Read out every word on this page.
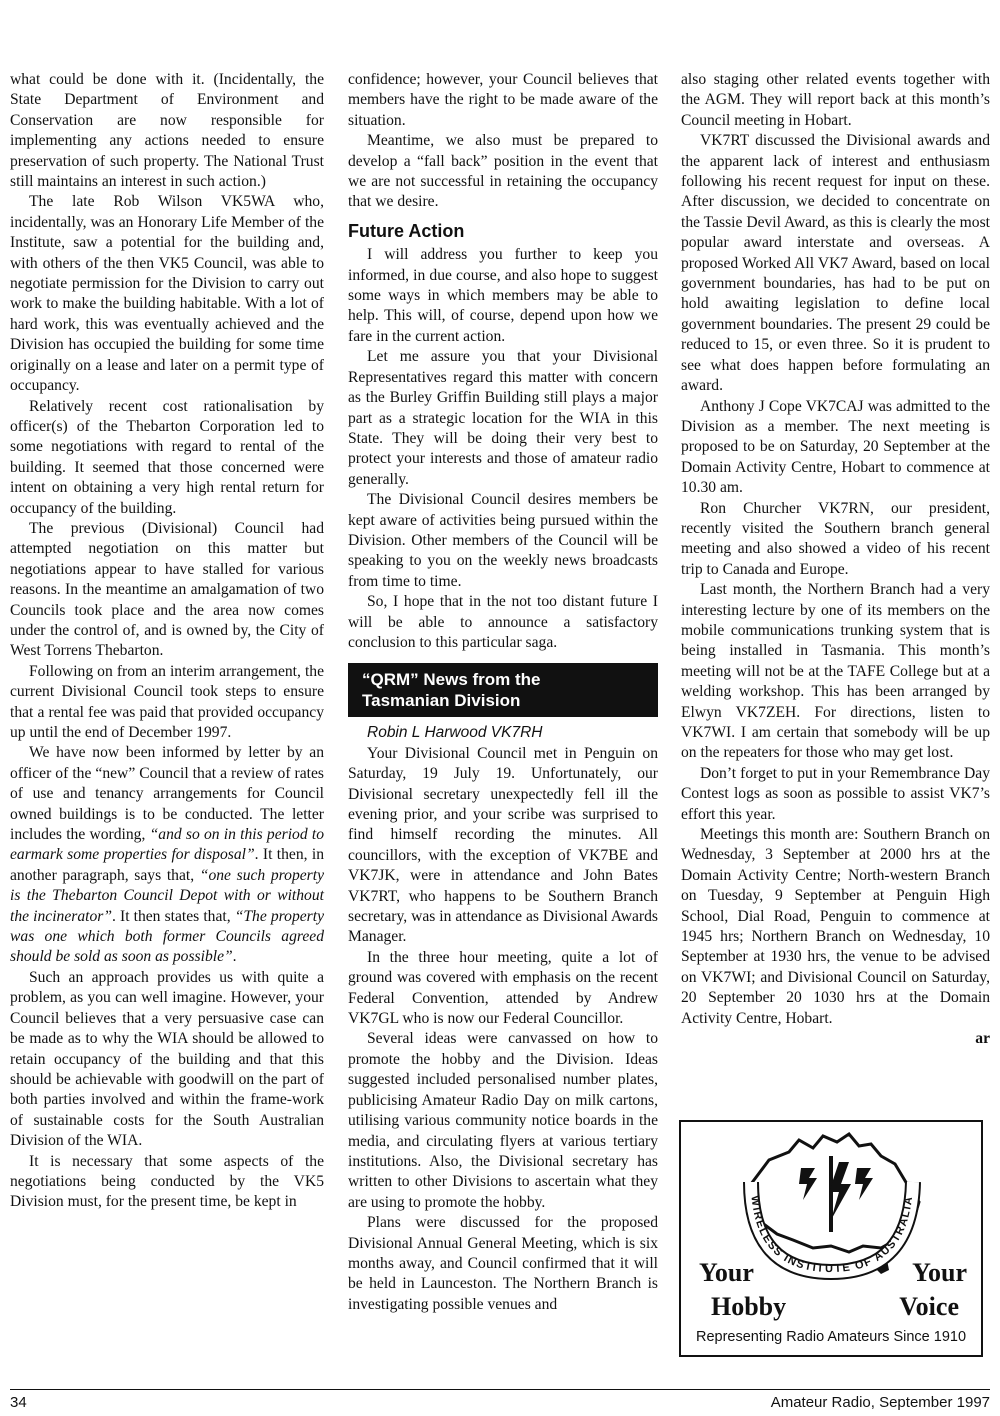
what could be done with it. (Incidentally, the State Department of Environment and Conservation are now responsible for implementing any actions needed to ensure preservation of such property. The National Trust still maintains an interest in such action.)

The late Rob Wilson VK5WA who, incidentally, was an Honorary Life Member of the Institute, saw a potential for the building and, with others of the then VK5 Council, was able to negotiate permission for the Division to carry out work to make the building habitable. With a lot of hard work, this was eventually achieved and the Division has occupied the building for some time originally on a lease and later on a permit type of occupancy.

Relatively recent cost rationalisation by officer(s) of the Thebarton Corporation led to some negotiations with regard to rental of the building. It seemed that those concerned were intent on obtaining a very high rental return for occupancy of the building.

The previous (Divisional) Council had attempted negotiation on this matter but negotiations appear to have stalled for various reasons. In the meantime an amalgamation of two Councils took place and the area now comes under the control of, and is owned by, the City of West Torrens Thebarton.

Following on from an interim arrangement, the current Divisional Council took steps to ensure that a rental fee was paid that provided occupancy up until the end of December 1997.

We have now been informed by letter by an officer of the “new” Council that a review of rates of use and tenancy arrangements for Council owned buildings is to be conducted. The letter includes the wording, “and so on in this period to earmark some properties for disposal”. It then, in another paragraph, says that, “one such property is the Thebarton Council Depot with or without the incinerator”. It then states that, “The property was one which both former Councils agreed should be sold as soon as possible”.

Such an approach provides us with quite a problem, as you can well imagine. However, your Council believes that a very persuasive case can be made as to why the WIA should be allowed to retain occupancy of the building and that this should be achievable with goodwill on the part of both parties involved and within the frame-work of sustainable costs for the South Australian Division of the WIA.

It is necessary that some aspects of the negotiations being conducted by the VK5 Division must, for the present time, be kept in

confidence; however, your Council believes that members have the right to be made aware of the situation.

Meantime, we also must be prepared to develop a “fall back” position in the event that we are not successful in retaining the occupancy that we desire.

Future Action

I will address you further to keep you informed, in due course, and also hope to suggest some ways in which members may be able to help. This will, of course, depend upon how we fare in the current action.

Let me assure you that your Divisional Representatives regard this matter with concern as the Burley Griffin Building still plays a major part as a strategic location for the WIA in this State. They will be doing their very best to protect your interests and those of amateur radio generally.

The Divisional Council desires members be kept aware of activities being pursued within the Division. Other members of the Council will be speaking to you on the weekly news broadcasts from time to time.

So, I hope that in the not too distant future I will be able to announce a satisfactory conclusion to this particular saga.

“QRM” News from the
Tasmanian Division

Robin L Harwood VK7RH

Your Divisional Council met in Penguin on Saturday, 19 July 19. Unfortunately, our Divisional secretary unexpectedly fell ill the evening prior, and your scribe was surprised to find himself recording the minutes. All councillors, with the exception of VK7BE and VK7JK, were in attendance and John Bates VK7RT, who happens to be Southern Branch secretary, was in attendance as Divisional Awards Manager.

In the three hour meeting, quite a lot of ground was covered with emphasis on the recent Federal Convention, attended by Andrew VK7GL who is now our Federal Councillor.

Several ideas were canvassed on how to promote the hobby and the Division. Ideas suggested included personalised number plates, publicising Amateur Radio Day on milk cartons, utilising various community notice boards in the media, and circulating flyers at various tertiary institutions. Also, the Divisional secretary has written to other Divisions to ascertain what they are using to promote the hobby.

Plans were discussed for the proposed Divisional Annual General Meeting, which is six months away, and Council confirmed that it will be held in Launceston. The Northern Branch is investigating possible venues and

also staging other related events together with the AGM. They will report back at this month’s Council meeting in Hobart.

VK7RT discussed the Divisional awards and the apparent lack of interest and enthusiasm following his recent request for input on these. After discussion, we decided to concentrate on the Tassie Devil Award, as this is clearly the most popular award interstate and overseas. A proposed Worked All VK7 Award, based on local government boundaries, has had to be put on hold awaiting legislation to define local government boundaries. The present 29 could be reduced to 15, or even three. So it is prudent to see what does happen before formulating an award.

Anthony J Cope VK7CAJ was admitted to the Division as a member. The next meeting is proposed to be on Saturday, 20 September at the Domain Activity Centre, Hobart to commence at 10.30 am.

Ron Churcher VK7RN, our president, recently visited the Southern branch general meeting and also showed a video of his recent trip to Canada and Europe.

Last month, the Northern Branch had a very interesting lecture by one of its members on the mobile communications trunking system that is being installed in Tasmania. This month’s meeting will not be at the TAFE College but at a welding workshop. This has been arranged by Elwyn VK7ZEH. For directions, listen to VK7WI. I am certain that somebody will be up on the repeaters for those who may get lost.

Don’t forget to put in your Remembrance Day Contest logs as soon as possible to assist VK7’s effort this year.

Meetings this month are: Southern Branch on Wednesday, 3 September at 2000 hrs at the Domain Activity Centre; North-western Branch on Tuesday, 9 September at Penguin High School, Dial Road, Penguin to commence at 1945 hrs; Northern Branch on Wednesday, 10 September at 1930 hrs, the venue to be advised on VK7WI; and Divisional Council on Saturday, 20 September 20 1030 hrs at the Domain Activity Centre, Hobart.

ar

WIRELESS INSTITUTE OF AUSTRALIA
Your
Hobby
Your
Voice
Representing Radio Amateurs Since 1910
34	Amateur Radio, September 1997
